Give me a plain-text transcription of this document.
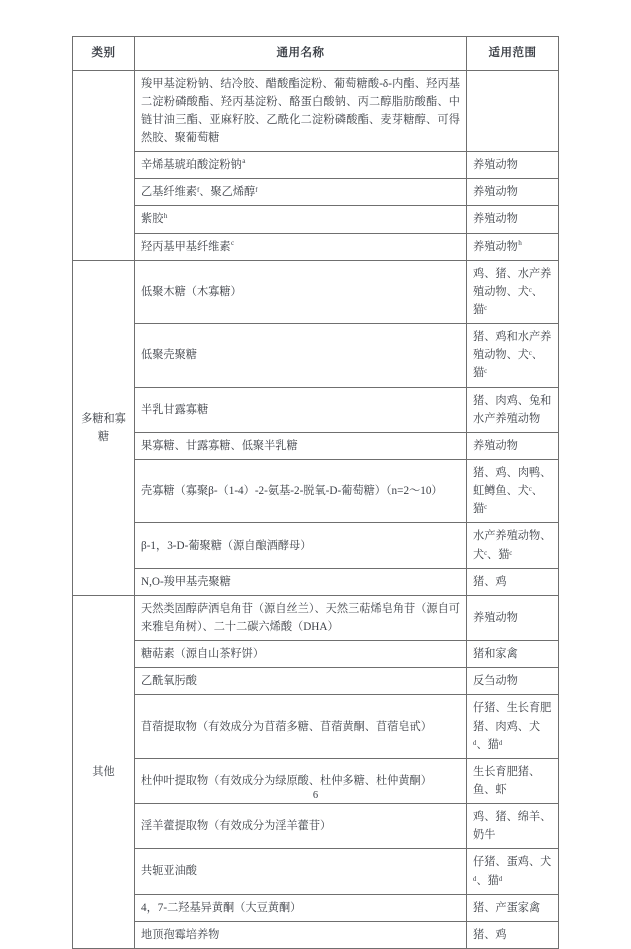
类别	通用名称	适用范围
	羧甲基淀粉钠、结冷胶、醋酸酯淀粉、葡萄糖酸-δ-内酯、羟丙基二淀粉磷酸酯、羟丙基淀粉、酪蛋白酸钠、丙二醇脂肪酸酯、中链甘油三酯、亚麻籽胶、乙酰化二淀粉磷酸酯、麦芽糖醇、可得然胶、聚葡萄糖	
	辛烯基琥珀酸淀粉钠$^a$	养殖动物
	乙基纤维素ᶠ、聚乙烯醇ᶠ	养殖动物
	紫胶$^h$	养殖动物
	羟丙基甲基纤维素$^c$	养殖动物$^h$
多糖和寡糖	低聚木糖（木寡糖）	鸡、猪、水产养殖动物、犬ᶜ、猫ᶜ
	低聚壳聚糖	猪、鸡和水产养殖动物、犬ᶜ、猫ᶜ
	半乳甘露寡糖	猪、肉鸡、兔和水产养殖动物
	果寡糖、甘露寡糖、低聚半乳糖	养殖动物
	壳寡糖（寡聚β-（1-4）-2-氨基-2-脱氧-D-葡萄糖）（n=2～10）	猪、鸡、肉鸭、虹鳟鱼、犬ᶜ、猫ᶜ
	β-1，3-D-葡聚糖（源自酿酒酵母）	水产养殖动物、犬ᶜ、猫ᶜ
	N,O-羧甲基壳聚糖	猪、鸡
其他	天然类固醇萨洒皂角苷（源自丝兰）、天然三萜烯皂角苷（源自可来雅皂角树）、二十二碳六烯酸（DHA）	养殖动物
	糖萜素（源自山茶籽饼）	猪和家禽
	乙酰氧肟酸	反刍动物
	苜蓿提取物（有效成分为苜蓿多糖、苜蓿黄酮、苜蓿皂甙）	仔猪、生长育肥猪、肉鸡、犬ᵈ、猫ᵈ
	杜仲叶提取物（有效成分为绿原酸、杜仲多糖、杜仲黄酮）	生长育肥猪、鱼、虾
	淫羊藿提取物（有效成分为淫羊藿苷）	鸡、猪、绵羊、奶牛
	共轭亚油酸	仔猪、蛋鸡、犬ᵈ、猫ᵈ
	4，7-二羟基异黄酮（大豆黄酮）	猪、产蛋家禽
	地顶孢霉培养物	猪、鸡
6
